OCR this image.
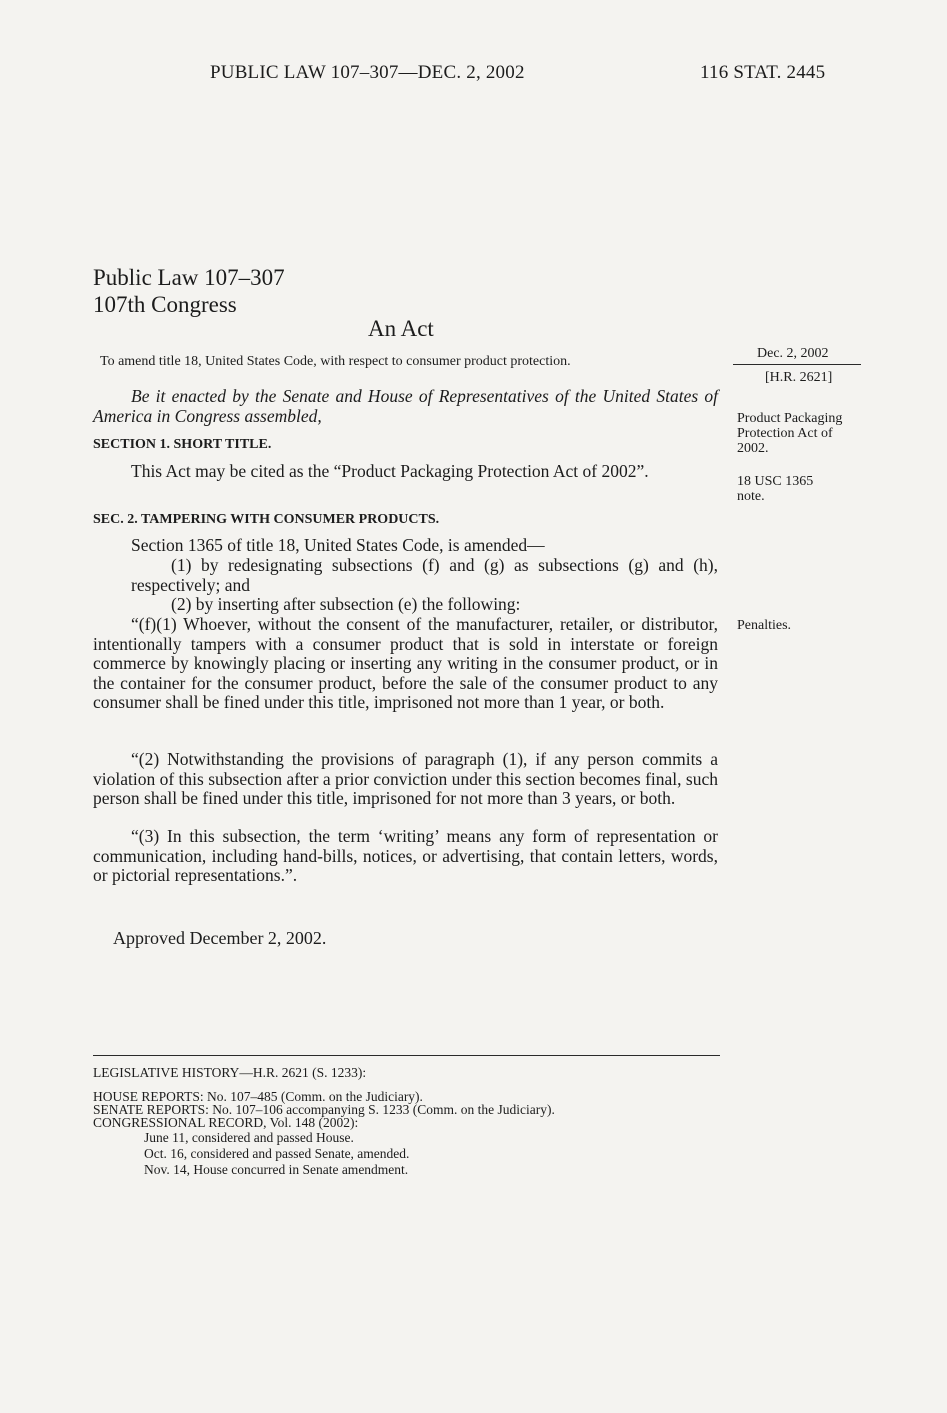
PUBLIC LAW 107–307—DEC. 2, 2002	116 STAT. 2445

Public Law 107–307

107th Congress

An Act

To amend title 18, United States Code, with respect to consumer product protection.

Dec. 2, 2002

[H.R. 2621]

Product Packaging Protection Act of 2002.

18 USC 1365 note.

Penalties.

Be it enacted by the Senate and House of Representatives of the United States of America in Congress assembled,

SECTION 1. SHORT TITLE.

This Act may be cited as the “Product Packaging Protection Act of 2002”.

SEC. 2. TAMPERING WITH CONSUMER PRODUCTS.

Section 1365 of title 18, United States Code, is amended—

(1) by redesignating subsections (f) and (g) as subsections (g) and (h), respectively; and

(2) by inserting after subsection (e) the following:

“(f)(1) Whoever, without the consent of the manufacturer, retailer, or distributor, intentionally tampers with a consumer product that is sold in interstate or foreign commerce by knowingly placing or inserting any writing in the consumer product, or in the container for the consumer product, before the sale of the consumer product to any consumer shall be fined under this title, imprisoned not more than 1 year, or both.

“(2) Notwithstanding the provisions of paragraph (1), if any person commits a violation of this subsection after a prior conviction under this section becomes final, such person shall be fined under this title, imprisoned for not more than 3 years, or both.

“(3) In this subsection, the term ‘writing’ means any form of representation or communication, including hand-bills, notices, or advertising, that contain letters, words, or pictorial representations.”.

Approved December 2, 2002.

LEGISLATIVE HISTORY—H.R. 2621 (S. 1233):

HOUSE REPORTS: No. 107–485 (Comm. on the Judiciary).

SENATE REPORTS: No. 107–106 accompanying S. 1233 (Comm. on the Judiciary).

CONGRESSIONAL RECORD, Vol. 148 (2002):

June 11, considered and passed House.

Oct. 16, considered and passed Senate, amended.

Nov. 14, House concurred in Senate amendment.
